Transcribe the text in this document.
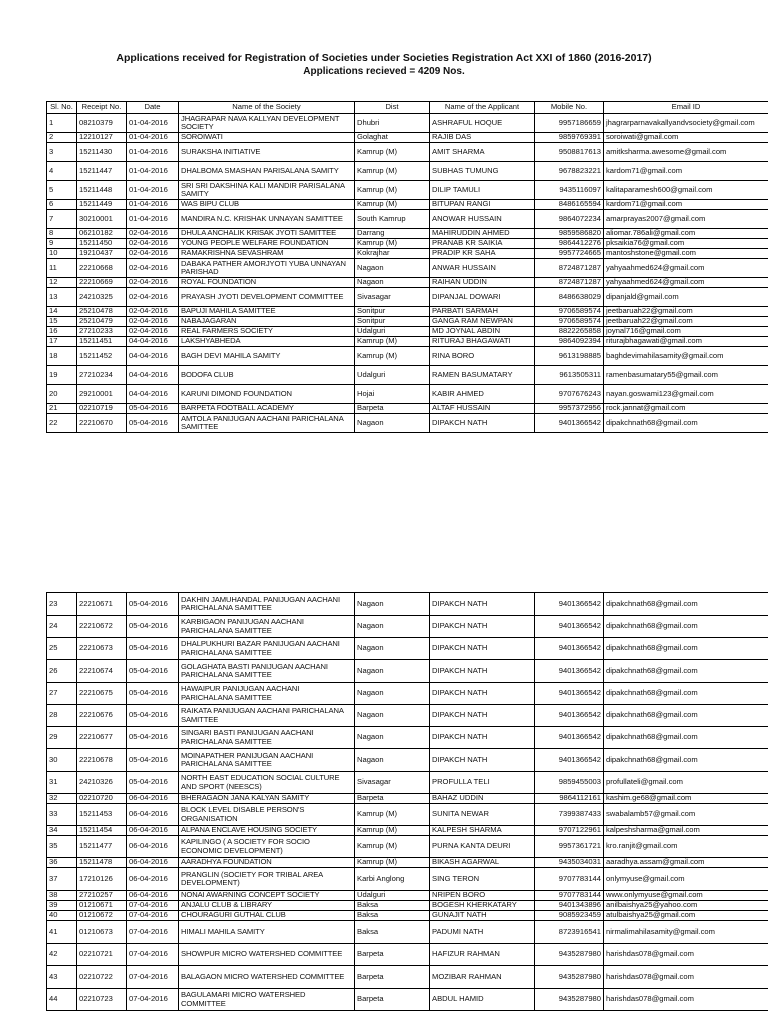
Applications received for Registration of Societies under Societies Registration Act XXI of 1860 (2016-2017)
Applications recieved = 4209 Nos.
Sl. No.	Receipt No.	Date	Name of the Society	Dist	Name of the Applicant	Mobile No.	Email ID
1	08210379	01-04-2016	JHAGRAPAR NAVA KALLYAN DEVELOPMENT SOCIETY	Dhubri	ASHRAFUL HOQUE	9957186659	jhagrarparnavakallyandvsociety@gmail.com
2	12210127	01-04-2016	SOROIWATI	Golaghat	RAJIB DAS	9859769391	soroiwati@gmail.com
3	15211430	01-04-2016	SURAKSHA INITIATIVE	Kamrup (M)	AMIT SHARMA	9508817613	amitksharma.awesome@gmail.com
4	15211447	01-04-2016	DHALBOMA SMASHAN PARISALANA SAMITY	Kamrup (M)	SUBHAS TUMUNG	9678823221	kardom71@gmail.com
5	15211448	01-04-2016	SRI SRI DAKSHINA KALI MANDIR PARISALANA SAMITY	Kamrup (M)	DILIP TAMULI	9435116097	kalitaparamesh600@gmail.com
6	15211449	01-04-2016	WAS BIPU CLUB	Kamrup (M)	BITUPAN RANGI	8486165594	kardom71@gmail.com
7	30210001	01-04-2016	MANDIRA N.C. KRISHAK UNNAYAN SAMITTEE	South Kamrup	ANOWAR HUSSAIN	9864072234	amarprayas2007@gmail.com
8	06210182	02-04-2016	DHULA ANCHALIK KRISAK JYOTI SAMITTEE	Darrang	MAHIRUDDIN AHMED	9859586820	aliomar.786ali@gmail.com
9	15211450	02-04-2016	YOUNG PEOPLE WELFARE FOUNDATION	Kamrup (M)	PRANAB KR SAIKIA	9864412276	pksaikia76@gmail.com
10	19210437	02-04-2016	RAMAKRISHNA SEVASHRAM	Kokrajhar	PRADIP KR SAHA	9957724665	mantoshstone@gmail.com
11	22210668	02-04-2016	DABAKA PATHER AMORJYOTI YUBA UNNAYAN PARISHAD	Nagaon	ANWAR HUSSAIN	8724871287	yahyaahmed624@gmail.com
12	22210669	02-04-2016	ROYAL FOUNDATION	Nagaon	RAIHAN UDDIN	8724871287	yahyaahmed624@gmail.com
13	24210325	02-04-2016	PRAYASH JYOTI DEVELOPMENT COMMITTEE	Sivasagar	DIPANJAL DOWARI	8486638029	dipanjald@gmail.com
14	25210478	02-04-2016	BAPUJI MAHILA SAMITTEE	Sonitpur	PARBATI SARMAH	9706589574	jeetbaruah22@gmail.com
15	25210479	02-04-2016	NABAJAGARAN	Sonitpur	GANGA RAM NEWPAN	9706589574	jeetbaruah22@gmail.com
16	27210233	02-04-2016	REAL FARMERS SOCIETY	Udalguri	MD JOYNAL ABDIN	8822265858	joynal716@gmail.com
17	15211451	04-04-2016	LAKSHYABHEDA	Kamrup (M)	RITURAJ BHAGAWATI	9864092394	riturajbhagawati@gmail.com
18	15211452	04-04-2016	BAGH DEVI MAHILA SAMITY	Kamrup (M)	RINA BORO	9613198885	baghdevimahilasamity@gmail.com
19	27210234	04-04-2016	BODOFA CLUB	Udalguri	RAMEN BASUMATARY	9613505311	ramenbasumatary55@gmail.com
20	29210001	04-04-2016	KARUNI DIMOND FOUNDATION	Hojai	KABIR AHMED	9707676243	nayan.goswami123@gmail.com
21	02210719	05-04-2016	BARPETA FOOTBALL ACADEMY	Barpeta	ALTAF HUSSAIN	9957372956	rock.jannat@gmail.com
22	22210670	05-04-2016	AMTOLA PANIJUGAN AACHANI PARICHALANA SAMITTEE	Nagaon	DIPAKCH NATH	9401366542	dipakchnath68@gmail.com
23	22210671	05-04-2016	DAKHIN JAMUHANDAL PANIJUGAN AACHANI PARICHALANA SAMITTEE	Nagaon	DIPAKCH NATH	9401366542	dipakchnath68@gmail.com
24	22210672	05-04-2016	KARBIGAON PANIJUGAN AACHANI PARICHALANA SAMITTEE	Nagaon	DIPAKCH NATH	9401366542	dipakchnath68@gmail.com
25	22210673	05-04-2016	DHALPUKHURI BAZAR PANIJUGAN AACHANI PARICHALANA SAMITTEE	Nagaon	DIPAKCH NATH	9401366542	dipakchnath68@gmail.com
26	22210674	05-04-2016	GOLAGHATA BASTI PANIJUGAN AACHANI PARICHALANA SAMITTEE	Nagaon	DIPAKCH NATH	9401366542	dipakchnath68@gmail.com
27	22210675	05-04-2016	HAWAIPUR PANIJUGAN AACHANI PARICHALANA SAMITTEE	Nagaon	DIPAKCH NATH	9401366542	dipakchnath68@gmail.com
28	22210676	05-04-2016	RAIKATA PANIJUGAN AACHANI PARICHALANA SAMITTEE	Nagaon	DIPAKCH NATH	9401366542	dipakchnath68@gmail.com
29	22210677	05-04-2016	SINGARI BASTI PANIJUGAN AACHANI PARICHALANA SAMITTEE	Nagaon	DIPAKCH NATH	9401366542	dipakchnath68@gmail.com
30	22210678	05-04-2016	MOINAPATHER PANIJUGAN AACHANI PARICHALANA SAMITTEE	Nagaon	DIPAKCH NATH	9401366542	dipakchnath68@gmail.com
31	24210326	05-04-2016	NORTH EAST EDUCATION SOCIAL CULTURE AND SPORT (NEESCS)	Sivasagar	PROFULLA TELI	9859455003	profullateli@gmail.com
32	02210720	06-04-2016	BHERAGAON JANA KALYAN SAMITY	Barpeta	BAHAZ UDDIN	9864112161	kashim.ge68@gmail.com
33	15211453	06-04-2016	BLOCK LEVEL DISABLE PERSON'S ORGANISATION	Kamrup (M)	SUNITA NEWAR	7399387433	swabalamb57@gmail.com
34	15211454	06-04-2016	ALPANA ENCLAVE HOUSING SOCIETY	Kamrup (M)	KALPESH SHARMA	9707122961	kalpeshsharma@gmail.com
35	15211477	06-04-2016	KAPILINGO ( A SOCIETY FOR SOCIO ECONOMIC DEVELOPMENT)	Kamrup (M)	PURNA KANTA DEURI	9957361721	kro.ranjit@gmail.com
36	15211478	06-04-2016	AARADHYA FOUNDATION	Kamrup (M)	BIKASH AGARWAL	9435034031	aaradhya.assam@gmail.com
37	17210126	06-04-2016	PRANGLIN (SOCIETY FOR TRIBAL AREA DEVELOPMENT)	Karbi Anglong	SING TERON	9707783144	onlymyuse@gmail.com
38	27210257	06-04-2016	NONAI AWARNING CONCEPT SOCIETY	Udalguri	NRIPEN BORO	9707783144	www.onlymyuse@gmail.com
39	01210671	07-04-2016	ANJALU CLUB & LIBRARY	Baksa	BOGESH KHERKATARY	9401343896	anilbaishya25@yahoo.com
40	01210672	07-04-2016	CHOURAGURI GUTHAL CLUB	Baksa	GUNAJIT NATH	9085923459	atulbaishya25@gmail.com
41	01210673	07-04-2016	HIMALI MAHILA SAMITY	Baksa	PADUMI NATH	8723916541	nirmalimahilasamity@gmail.com
42	02210721	07-04-2016	SHOWPUR MICRO WATERSHED COMMITTEE	Barpeta	HAFIZUR RAHMAN	9435287980	harishdas078@gmail.com
43	02210722	07-04-2016	BALAGAON MICRO WATERSHED COMMITTEE	Barpeta	MOZIBAR RAHMAN	9435287980	harishdas078@gmail.com
44	02210723	07-04-2016	BAGULAMARI MICRO WATERSHED COMMITTEE	Barpeta	ABDUL HAMID	9435287980	harishdas078@gmail.com
